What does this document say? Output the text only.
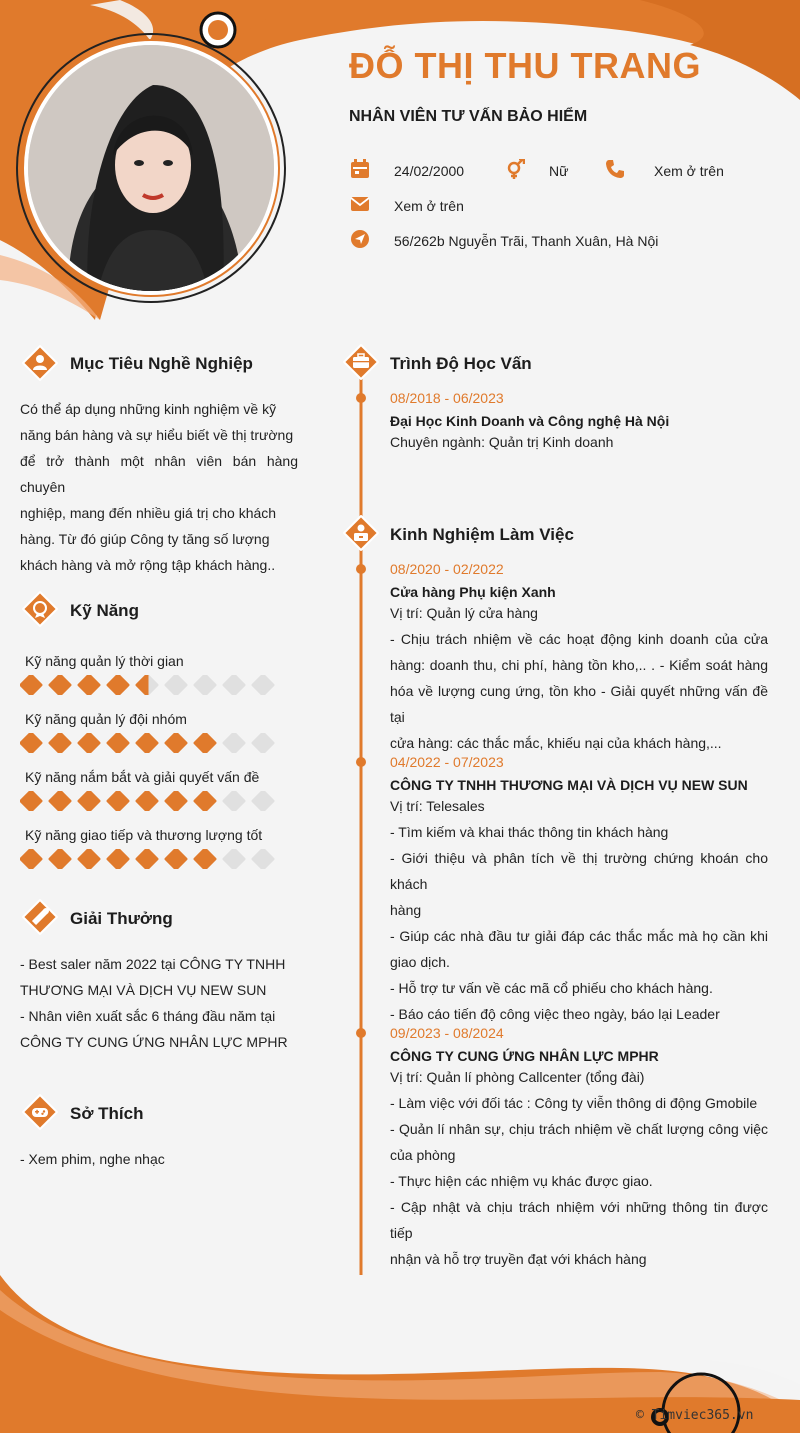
ĐỖ THỊ THU TRANG
NHÂN VIÊN TƯ VẤN BẢO HIỂM
24/02/2000	Nữ	Xem ở trên
Xem ở trên
56/262b Nguyễn Trãi, Thanh Xuân, Hà Nội
Mục Tiêu Nghề Nghiệp
Có thể áp dụng những kinh nghiệm về kỹ
năng bán hàng và sự hiểu biết về thị trường
để trở thành một nhân viên bán hàng chuyên
nghiệp, mang đến nhiều giá trị cho khách
hàng. Từ đó giúp Công ty tăng số lượng
khách hàng và mở rộng tập khách hàng..
Kỹ Năng
Kỹ năng quản lý thời gian
Kỹ năng quản lý đội nhóm
Kỹ năng nắm bắt và giải quyết vấn đề
Kỹ năng giao tiếp và thương lượng tốt
Giải Thưởng
- Best saler năm 2022 tại CÔNG TY TNHH
THƯƠNG MẠI VÀ DỊCH VỤ NEW SUN
- Nhân viên xuất sắc 6 tháng đầu năm tại
CÔNG TY CUNG ỨNG NHÂN LỰC MPHR
Sở Thích
- Xem phim, nghe nhạc
Trình Độ Học Vấn
08/2018 - 06/2023
Đại Học Kinh Doanh và Công nghệ Hà Nội
Chuyên ngành: Quản trị Kinh doanh
Kinh Nghiệm Làm Việc
08/2020 - 02/2022
Cửa hàng Phụ kiện Xanh
Vị trí: Quản lý cửa hàng
- Chịu trách nhiệm về các hoạt động kinh doanh của cửa
hàng: doanh thu, chi phí, hàng tồn kho,.. . - Kiểm soát hàng
hóa về lượng cung ứng, tồn kho - Giải quyết những vấn đề tại
cửa hàng: các thắc mắc, khiếu nại của khách hàng,...
04/2022 - 07/2023
CÔNG TY TNHH THƯƠNG MẠI VÀ DỊCH VỤ NEW SUN
Vị trí: Telesales
- Tìm kiếm và khai thác thông tin khách hàng
- Giới thiệu và phân tích về thị trường chứng khoán cho khách
hàng
- Giúp các nhà đầu tư giải đáp các thắc mắc mà họ cần khi
giao dịch.
- Hỗ trợ tư vấn về các mã cổ phiếu cho khách hàng.
- Báo cáo tiến độ công việc theo ngày, báo lại Leader
09/2023 - 08/2024
CÔNG TY CUNG ỨNG NHÂN LỰC MPHR
Vị trí: Quản lí phòng Callcenter (tổng đài)
- Làm việc với đối tác : Công ty viễn thông di động Gmobile
- Quản lí nhân sự, chịu trách nhiệm về chất lượng công việc
của phòng
- Thực hiện các nhiệm vụ khác được giao.
- Cập nhật và chịu trách nhiệm với những thông tin được tiếp
nhận và hỗ trợ truyền đạt với khách hàng
© Timviec365.vn
